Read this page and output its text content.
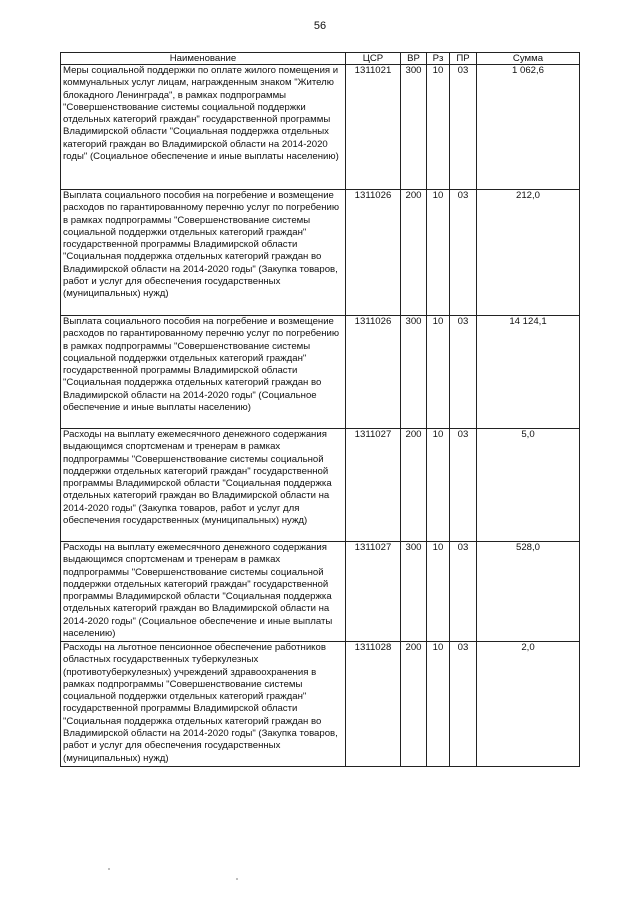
56
Наименование	ЦСР	ВР	Рз	ПР	Сумма
Меры социальной поддержки по оплате жилого помещения и коммунальных услуг лицам, награжденным знаком "Жителю блокадного Ленинграда", в рамках подпрограммы "Совершенствование системы социальной поддержки отдельных категорий граждан" государственной программы Владимирской области "Социальная поддержка отдельных категорий граждан во Владимирской области на 2014-2020 годы" (Социальное обеспечение и иные выплаты населению)	1311021	300	10	03	1 062,6
Выплата социального пособия на погребение и возмещение расходов по гарантированному перечню услуг по погребению в рамках подпрограммы "Совершенствование системы социальной поддержки отдельных категорий граждан" государственной программы Владимирской области "Социальная поддержка отдельных категорий граждан во Владимирской области на 2014-2020 годы" (Закупка товаров, работ и услуг для обеспечения государственных (муниципальных) нужд)	1311026	200	10	03	212,0
Выплата социального пособия на погребение и возмещение расходов по гарантированному перечню услуг по погребению в рамках подпрограммы "Совершенствование системы социальной поддержки отдельных категорий граждан" государственной программы Владимирской области "Социальная поддержка отдельных категорий граждан во Владимирской области на 2014-2020 годы" (Социальное обеспечение и иные выплаты населению)	1311026	300	10	03	14 124,1
Расходы на выплату ежемесячного денежного содержания выдающимся спортсменам и тренерам в рамках подпрограммы "Совершенствование системы социальной поддержки отдельных категорий граждан" государственной программы Владимирской области "Социальная поддержка отдельных категорий граждан во Владимирской области на 2014-2020 годы" (Закупка товаров, работ и услуг для обеспечения государственных (муниципальных) нужд)	1311027	200	10	03	5,0
Расходы на выплату ежемесячного денежного содержания выдающимся спортсменам и тренерам в рамках подпрограммы "Совершенствование системы социальной поддержки отдельных категорий граждан" государственной программы Владимирской области "Социальная поддержка отдельных категорий граждан во Владимирской области на 2014-2020 годы" (Социальное обеспечение и иные выплаты населению)	1311027	300	10	03	528,0
Расходы на льготное пенсионное обеспечение работников областных государственных туберкулезных (противотуберкулезных) учреждений здравоохранения в рамках подпрограммы "Совершенствование системы социальной поддержки отдельных категорий граждан" государственной программы Владимирской области "Социальная поддержка отдельных категорий граждан во Владимирской области на 2014-2020 годы" (Закупка товаров, работ и услуг для обеспечения государственных (муниципальных) нужд)	1311028	200	10	03	2,0
